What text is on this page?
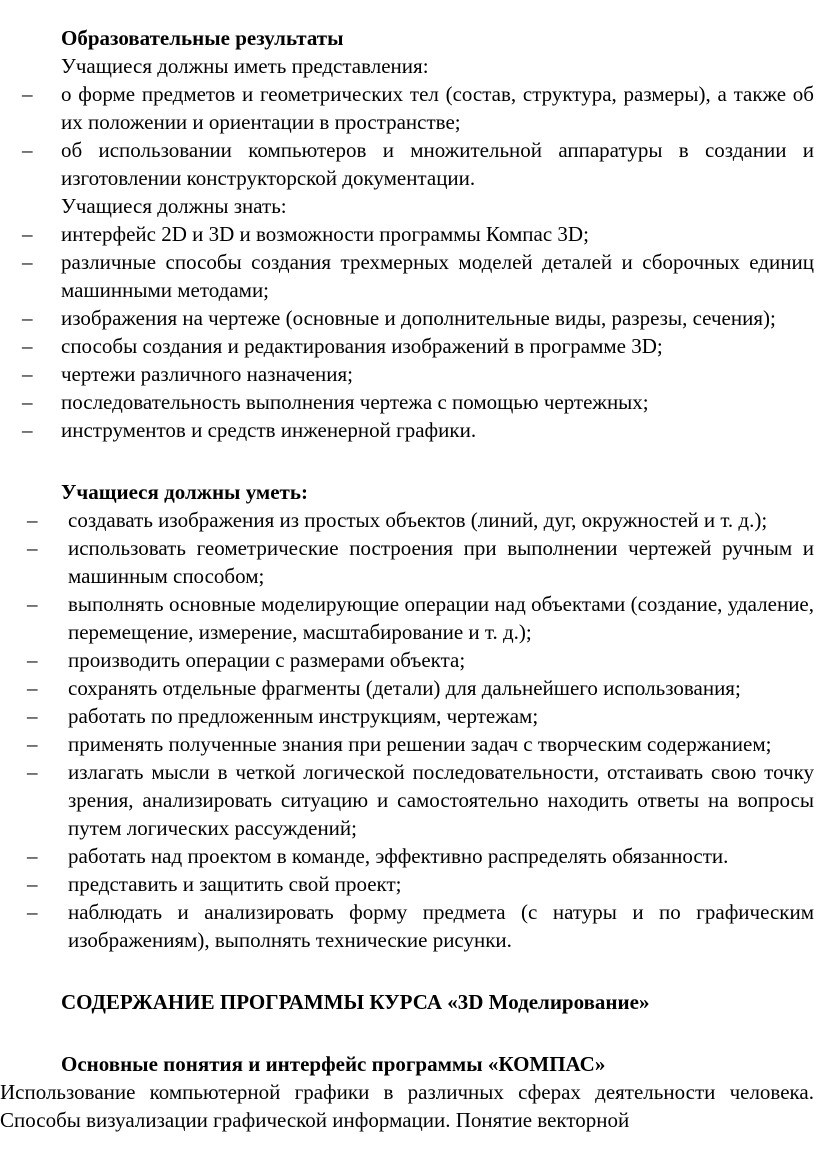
Образовательные результаты

Учащиеся должны иметь представления:

– о форме предметов и геометрических тел (состав, структура, размеры), а также об их положении и ориентации в пространстве;
– об использовании компьютеров и множительной аппаратуры в создании и изготовлении конструкторской документации.

Учащиеся должны знать:

– интерфейс 2D и 3D и возможности программы Компас 3D;
– различные способы создания трехмерных моделей деталей и сборочных единиц машинными методами;
– изображения на чертеже (основные и дополнительные виды, разрезы, сечения);
– способы создания и редактирования изображений в программе 3D;
– чертежи различного назначения;
– последовательность выполнения чертежа с помощью чертежных;
– инструментов и средств инженерной графики.

Учащиеся должны уметь:

– создавать изображения из простых объектов (линий, дуг, окружностей и т. д.);
– использовать геометрические построения при выполнении чертежей ручным и машинным способом;
– выполнять основные моделирующие операции над объектами (создание, удаление, перемещение, измерение, масштабирование и т. д.);
– производить операции с размерами объекта;
– сохранять отдельные фрагменты (детали) для дальнейшего использования;
– работать по предложенным инструкциям, чертежам;
– применять полученные знания при решении задач с творческим содержанием;
– излагать мысли в четкой логической последовательности, отстаивать свою точку зрения, анализировать ситуацию и самостоятельно находить ответы на вопросы путем логических рассуждений;
– работать над проектом в команде, эффективно распределять обязанности.
– представить и защитить свой проект;
– наблюдать и анализировать форму предмета (с натуры и по графическим изображениям), выполнять технические рисунки.

СОДЕРЖАНИЕ ПРОГРАММЫ КУРСА «3D Моделирование»

Основные понятия и интерфейс программы «КОМПАС»

Использование компьютерной графики в различных сферах деятельности человека. Способы визуализации графической информации. Понятие векторной
